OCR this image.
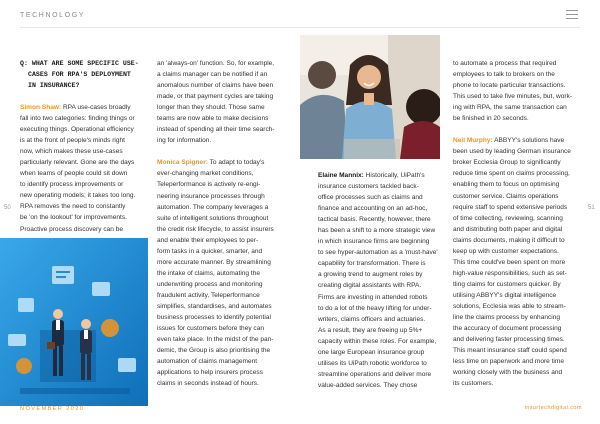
TECHNOLOGY
50	51
Q: WHAT ARE SOME SPECIFIC USE-

CASES FOR RPA'S DEPLOYMENT
IN INSURANCE?

Simon Shaw: RPA use-cases broadly
fall into two categories: finding things or
executing things. Operational efficiency
is at the front of people's minds right
now, which makes these use-cases
particularly relevant. Gone are the days
when teams of people could sit down
to identify process improvements or
new operating models; it takes too long.
RPA removes the need to constantly
be 'on the lookout' for improvements.
Proactive process discovery can be

an 'always-on' function. So, for example,
a claims manager can be notified if an
anomalous number of claims have been
made, or that payment cycles are taking
longer than they should. Those same
teams are now able to make decisions
instead of spending all their time search-
ing for information.

Monica Spigner: To adapt to today's
ever-changing market conditions,
Teleperformance is actively re-engi-
neering insurance processes through
automation. The company leverages a
suite of intelligent solutions throughout
the credit risk lifecycle, to assist insurers
and enable their employees to per-
form tasks in a quicker, smarter, and
more accurate manner. By streamlining
the intake of claims, automating the
underwriting process and monitoring
fraudulent activity, Teleperformance
simplifies, standardises, and automates
business processes to identify potential
issues for customers before they can
even take place. In the midst of the pan-
demic, the Group is also prioritising the
automation of claims management
applications to help insurers process
claims in seconds instead of hours.

Elaine Mannix: Historically, UiPath's
insurance customers tackled back-
office processes such as claims and
finance and accounting on an ad-hoc,
tactical basis. Recently, however, there
has been a shift to a more strategic view
in which insurance firms are beginning
to see hyper-automation as a 'must-have'
capability for transformation. There is
a growing trend to augment roles by
creating digital assistants with RPA.
Firms are investing in attended robots
to do a lot of the heavy lifting for under-
writers, claims officers and actuaries.
As a result, they are freeing up 5%+
capacity within these roles. For example,
one large European insurance group
utilises its UiPath robotic workforce to
streamline operations and deliver more
value-added services. They chose

to automate a process that required
employees to talk to brokers on the
phone to locate particular transactions.
This used to take five minutes, but, work-
ing with RPA, the same transaction can
be finished in 20 seconds.

Neil Murphy: ABBYY's solutions have
been used by leading German insurance
broker Ecclesia Group to significantly
reduce time spent on claims processing,
enabling them to focus on optimising
customer service. Claims operations
require staff to spend extensive periods
of time collecting, reviewing, scanning
and distributing both paper and digital
claims documents, making it difficult to
keep up with customer expectations.
This time could've been spent on more
high-value responsibilities, such as set-
tling claims for customers quicker. By
utilising ABBYY's digital intelligence
solutions, Ecclesia was able to stream-
line the claims process by enhancing
the accuracy of document processing
and delivering faster processing times.
This meant insurance staff could spend
less time on paperwork and more time
working closely with the business and
its customers.

NOVEMBER 2020	insurtechdigital.com
